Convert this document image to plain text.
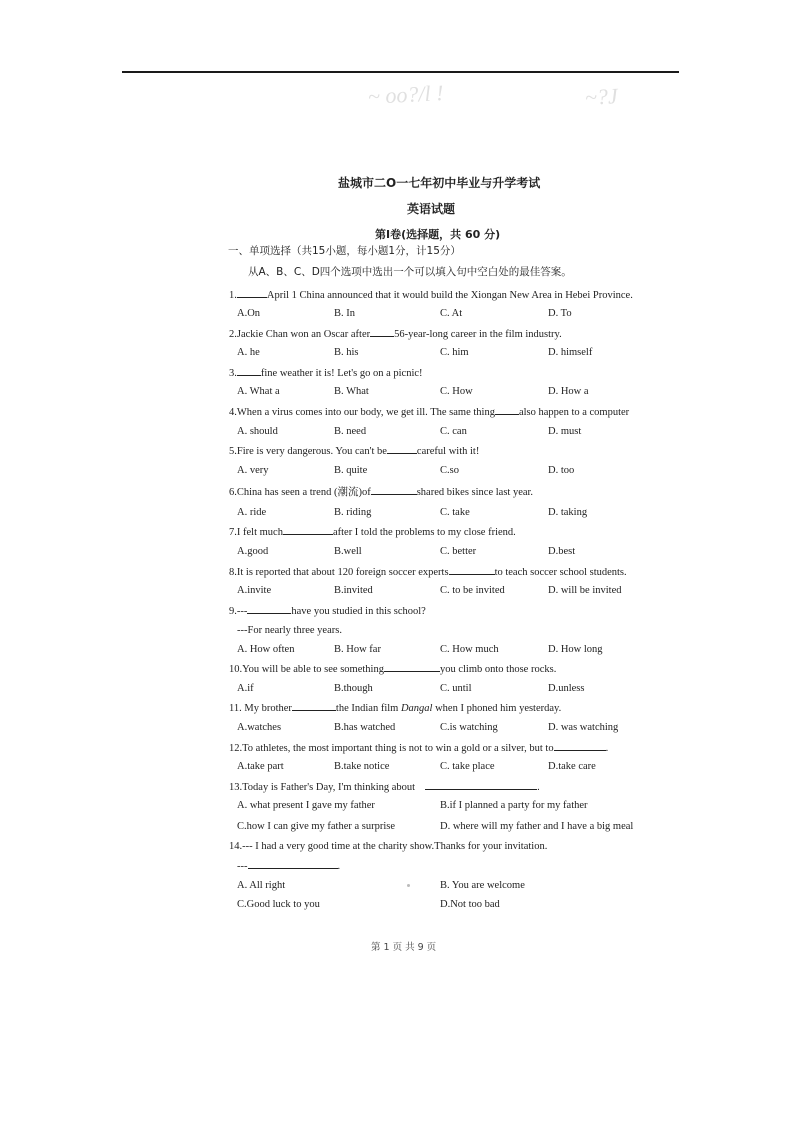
~ oo?/l !	~?J
盐城市二O一七年初中毕业与升学考试
英语试题
第Ⅰ卷(选择题，共 60 分)
一、单项选择（共15小题，每小题1分，计15分）
从A、B、C、D四个选项中选出一个可以填入句中空白处的最佳答案。
1.	April 1 China announced that it would build the Xiongan New Area in Hebei Province.
A.On	B. In	C. At	D. To
2.Jackie Chan won an Oscar after 56-year-long career in the film industry.
A. he	B. his	C. him	D. himself
3. fine weather it is! Let's go on a picnic!
A. What a	B. What	C. How	D. How a
4.When a virus comes into our body, we get ill. The same thing also happen to a computer
A. should	B. need	C. can	D. must
5.Fire is very dangerous. You can't be	careful with it!
A. very	B. quite	C.so	D. too
6.China has seen a trend (潮流)of	shared bikes since last year.
A. ride	B. riding	C. take	D. taking
7.I felt much	after I told the problems to my close friend.
A.good	B.well	C. better	D.best
8.It is reported that about 120 foreign soccer experts	to teach soccer school students.
A.invite	B.invited	C. to be invited	D. will be invited
9.---	have you studied in this school?
---For nearly three years.
A. How often	B. How far	C. How much	D. How long
10.You will be able to see something	you climb onto those rocks.
A.if	B.though	C. until	D.unless
11. My brother	the Indian film Dangal when I phoned him yesterday.
A.watches	B.has watched	C.is watching	D. was watching
12.To athletes, the most important thing is not to win a gold or a silver, but to	.
A.take part	B.take notice	C. take place	D.take care
13.Today is Father's Day, I'm thinking about	.
A. what present I gave my father	B.if I planned a party for my father
C.how I can give my father a surprise	D. where will my father and I have a big meal
14.--- I had a very good time at the charity show.Thanks for your invitation.
---	.
A. All right	B. You are welcome
C.Good luck to you	D.Not too bad
第 1 页 共 9 页
